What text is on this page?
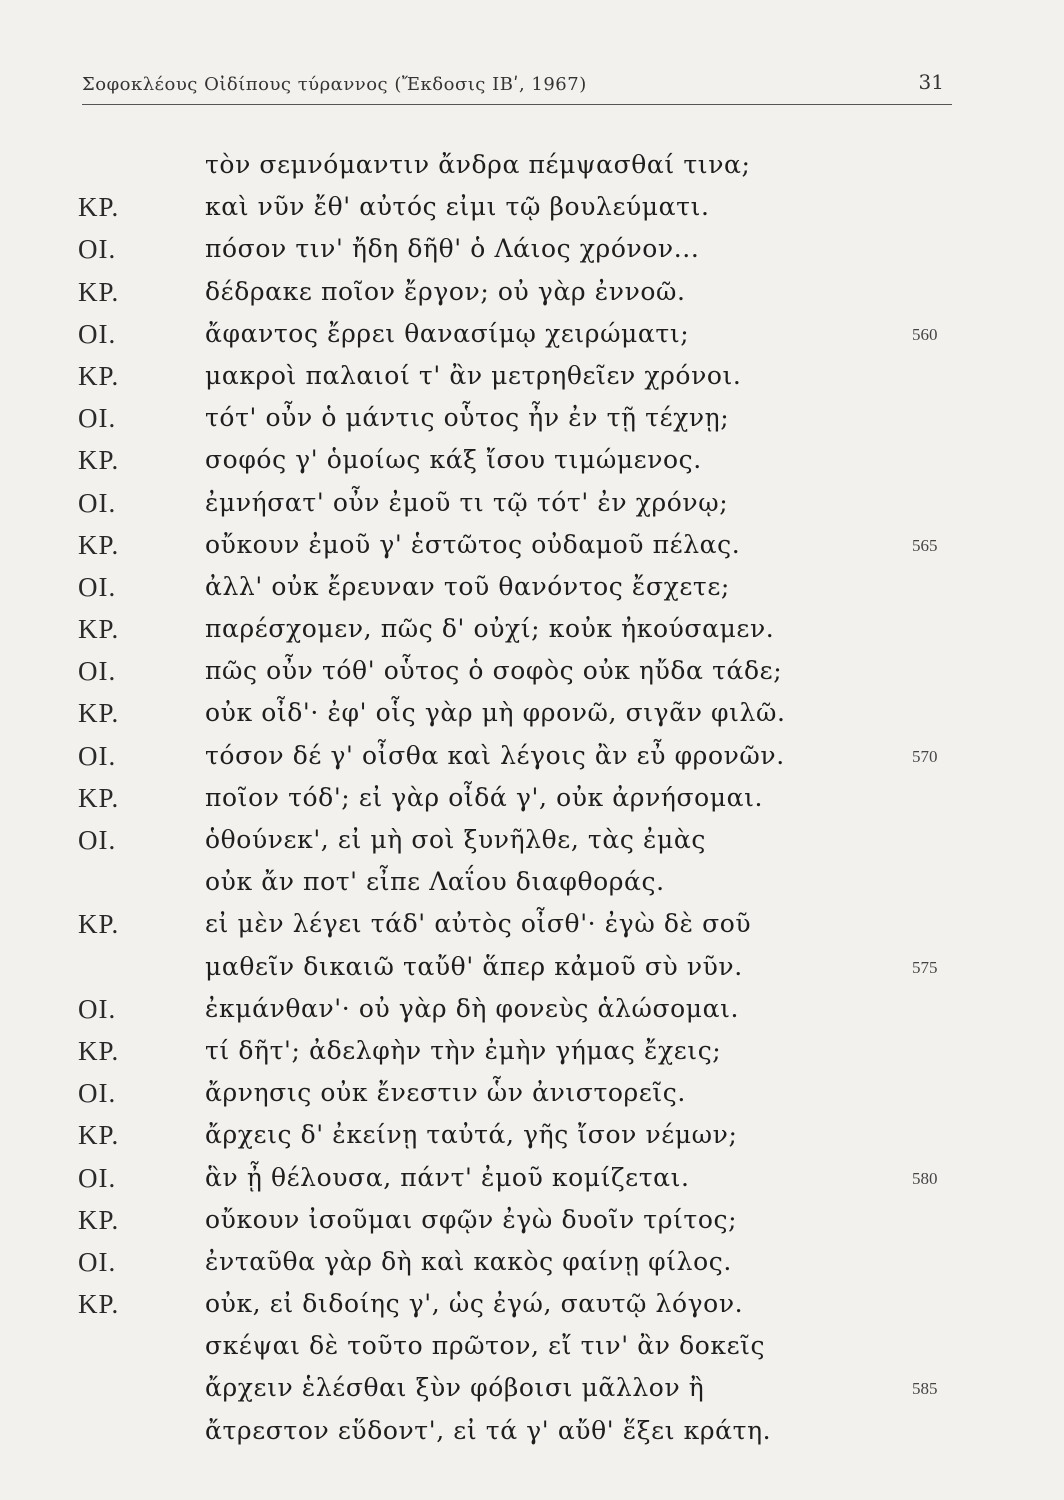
Σοφοκλέους Οἰδίπους τύραννος (Ἔκδοσις ΙΒʹ, 1967)	31
τὸν σεμνόμαντιν ἄνδρα πέμψασθαί τινα;
ΚΡ.	καὶ νῦν ἔθ' αὐτός εἰμι τῷ βουλεύματι.
ΟΙ.	πόσον τιν' ἤδη δῆθ' ὁ Λάιος χρόνον...
ΚΡ.	δέδρακε ποῖον ἔργον; οὐ γὰρ ἐννοῶ.
ΟΙ.	ἄφαντος ἔρρει θανασίμῳ χειρώματι;	560
ΚΡ.	μακροὶ παλαιοί τ' ἂν μετρηθεῖεν χρόνοι.
ΟΙ.	τότ' οὖν ὁ μάντις οὗτος ἦν ἐν τῇ τέχνῃ;
ΚΡ.	σοφός γ' ὁμοίως κάξ ἴσου τιμώμενος.
ΟΙ.	ἐμνήσατ' οὖν ἐμοῦ τι τῷ τότ' ἐν χρόνῳ;
ΚΡ.	οὔκουν ἐμοῦ γ' ἑστῶτος οὐδαμοῦ πέλας.	565
ΟΙ.	ἀλλ' οὐκ ἔρευναν τοῦ θανόντος ἔσχετε;
ΚΡ.	παρέσχομεν, πῶς δ' οὐχί; κοὐκ ἠκούσαμεν.
ΟΙ.	πῶς οὖν τόθ' οὗτος ὁ σοφὸς οὐκ ηὔδα τάδε;
ΚΡ.	οὐκ οἶδ'· ἐφ' οἷς γὰρ μὴ φρονῶ, σιγᾶν φιλῶ.
ΟΙ.	τόσον δέ γ' οἶσθα καὶ λέγοις ἂν εὖ φρονῶν.	570
ΚΡ.	ποῖον τόδ'; εἰ γὰρ οἶδά γ', οὐκ ἀρνήσομαι.
ΟΙ.	ὁθούνεκ', εἰ μὴ σοὶ ξυνῆλθε, τὰς ἐμὰς
οὐκ ἄν ποτ' εἶπε Λαΐου διαφθοράς.
ΚΡ.	εἰ μὲν λέγει τάδ' αὐτὸς οἶσθ'· ἐγὼ δὲ σοῦ
μαθεῖν δικαιῶ ταὔθ' ἅπερ κἀμοῦ σὺ νῦν.	575
ΟΙ.	ἐκμάνθαν'· οὐ γὰρ δὴ φονεὺς ἁλώσομαι.
ΚΡ.	τί δῆτ'; ἀδελφὴν τὴν ἐμὴν γήμας ἔχεις;
ΟΙ.	ἄρνησις οὐκ ἔνεστιν ὧν ἀνιστορεῖς.
ΚΡ.	ἄρχεις δ' ἐκείνῃ ταὐτά, γῆς ἴσον νέμων;
ΟΙ.	ἃν ᾖ θέλουσα, πάντ' ἐμοῦ κομίζεται.	580
ΚΡ.	οὔκουν ἰσοῦμαι σφῷν ἐγὼ δυοῖν τρίτος;
ΟΙ.	ἐνταῦθα γὰρ δὴ καὶ κακὸς φαίνῃ φίλος.
ΚΡ.	οὐκ, εἰ διδοίης γ', ὡς ἐγώ, σαυτῷ λόγον.
σκέψαι δὲ τοῦτο πρῶτον, εἴ τιν' ἂν δοκεῖς
ἄρχειν ἑλέσθαι ξὺν φόβοισι μᾶλλον ἢ	585
ἄτρεστον εὕδοντ', εἰ τά γ' αὔθ' ἕξει κράτη.
